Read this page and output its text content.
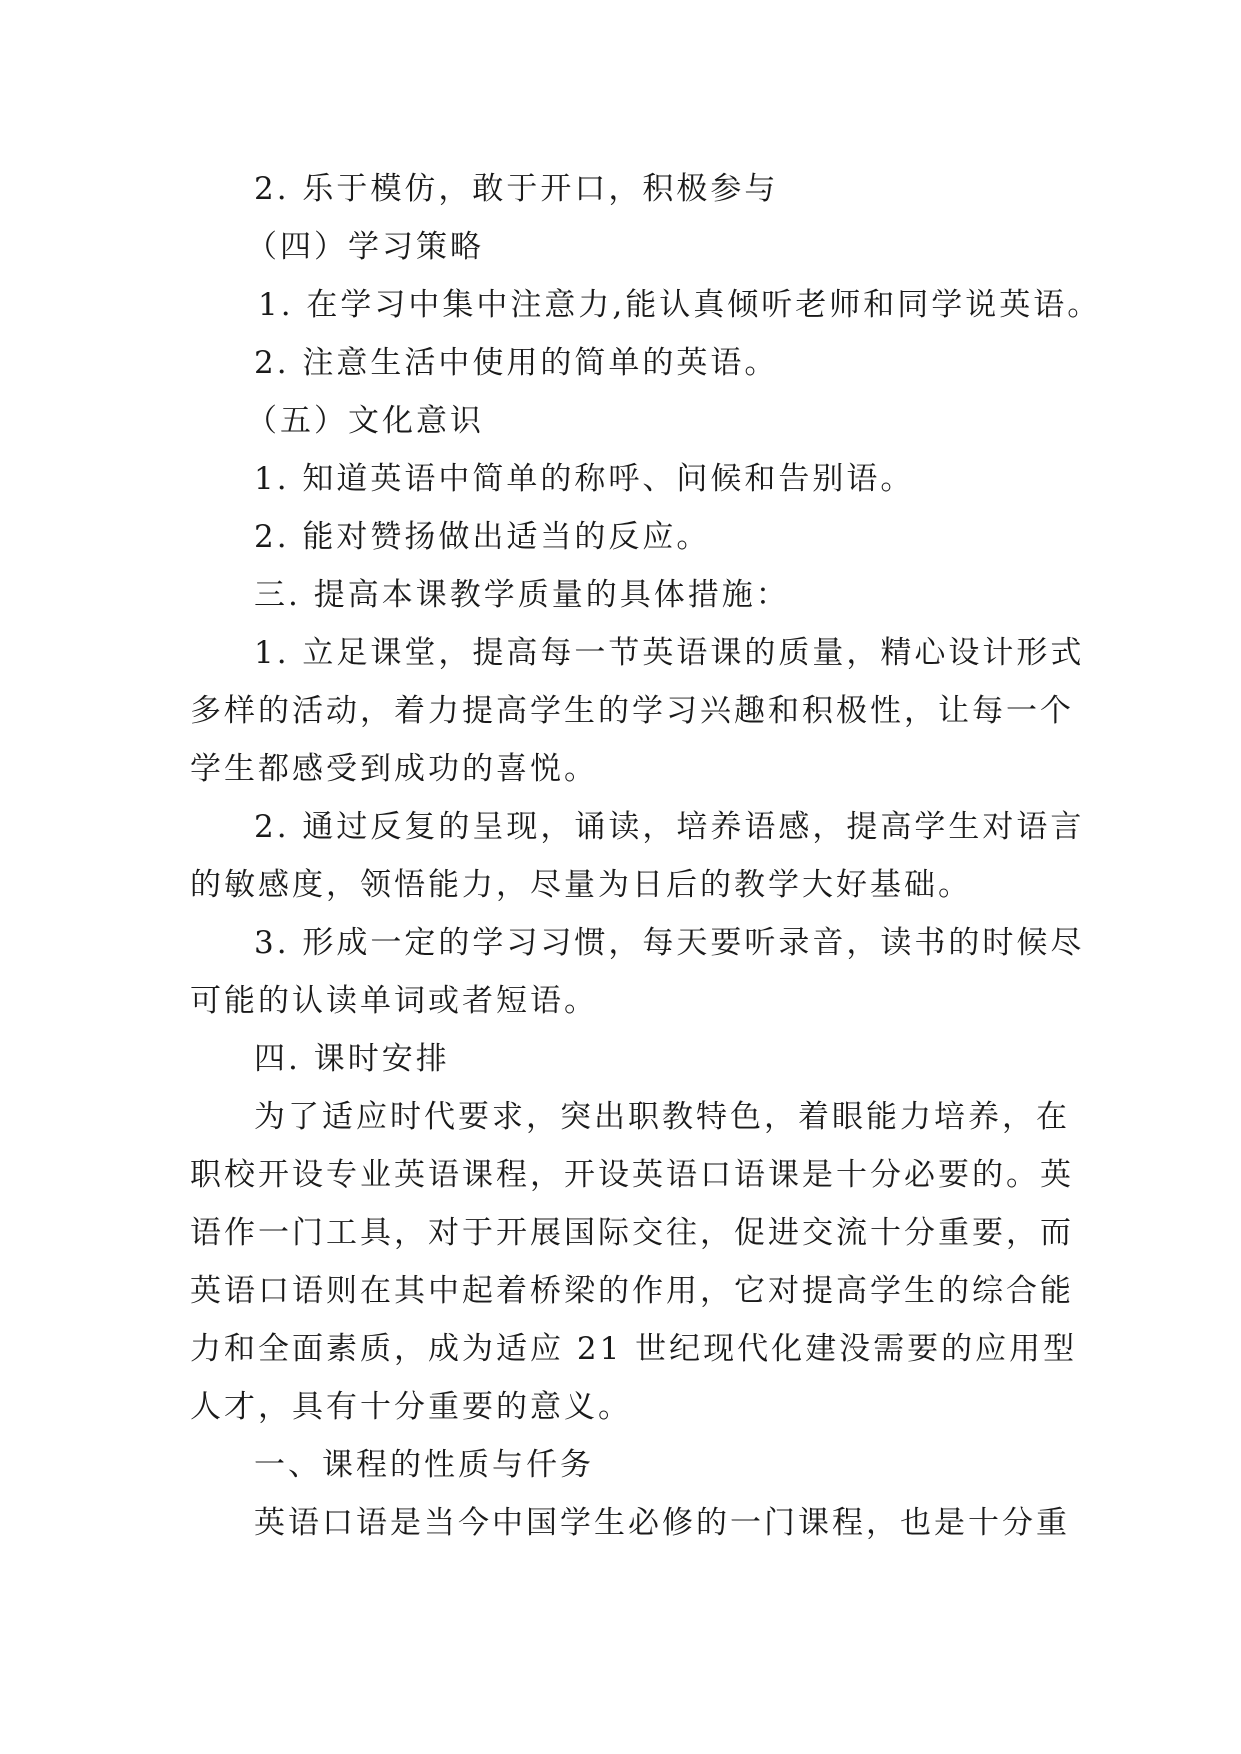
2. 乐于模仿，敢于开口，积极参与

（四）学习策略

1. 在学习中集中注意力,能认真倾听老师和同学说英语。

2. 注意生活中使用的简单的英语。

（五）文化意识

1. 知道英语中简单的称呼、问候和告别语。

2. 能对赞扬做出适当的反应。

三. 提高本课教学质量的具体措施：

1. 立足课堂，提高每一节英语课的质量，精心设计形式

多样的活动，着力提高学生的学习兴趣和积极性，让每一个

学生都感受到成功的喜悦。

2. 通过反复的呈现，诵读，培养语感，提高学生对语言

的敏感度，领悟能力，尽量为日后的教学大好基础。

3. 形成一定的学习习惯，每天要听录音，读书的时候尽

可能的认读单词或者短语。

四. 课时安排

为了适应时代要求，突出职教特色，着眼能力培养，在

职校开设专业英语课程，开设英语口语课是十分必要的。英

语作一门工具，对于开展国际交往，促进交流十分重要，而

英语口语则在其中起着桥梁的作用，它对提高学生的综合能

力和全面素质，成为适应 21 世纪现代化建没需要的应用型

人才，具有十分重要的意义。

一、课程的性质与仟务

英语口语是当今中国学生必修的一门课程，也是十分重
